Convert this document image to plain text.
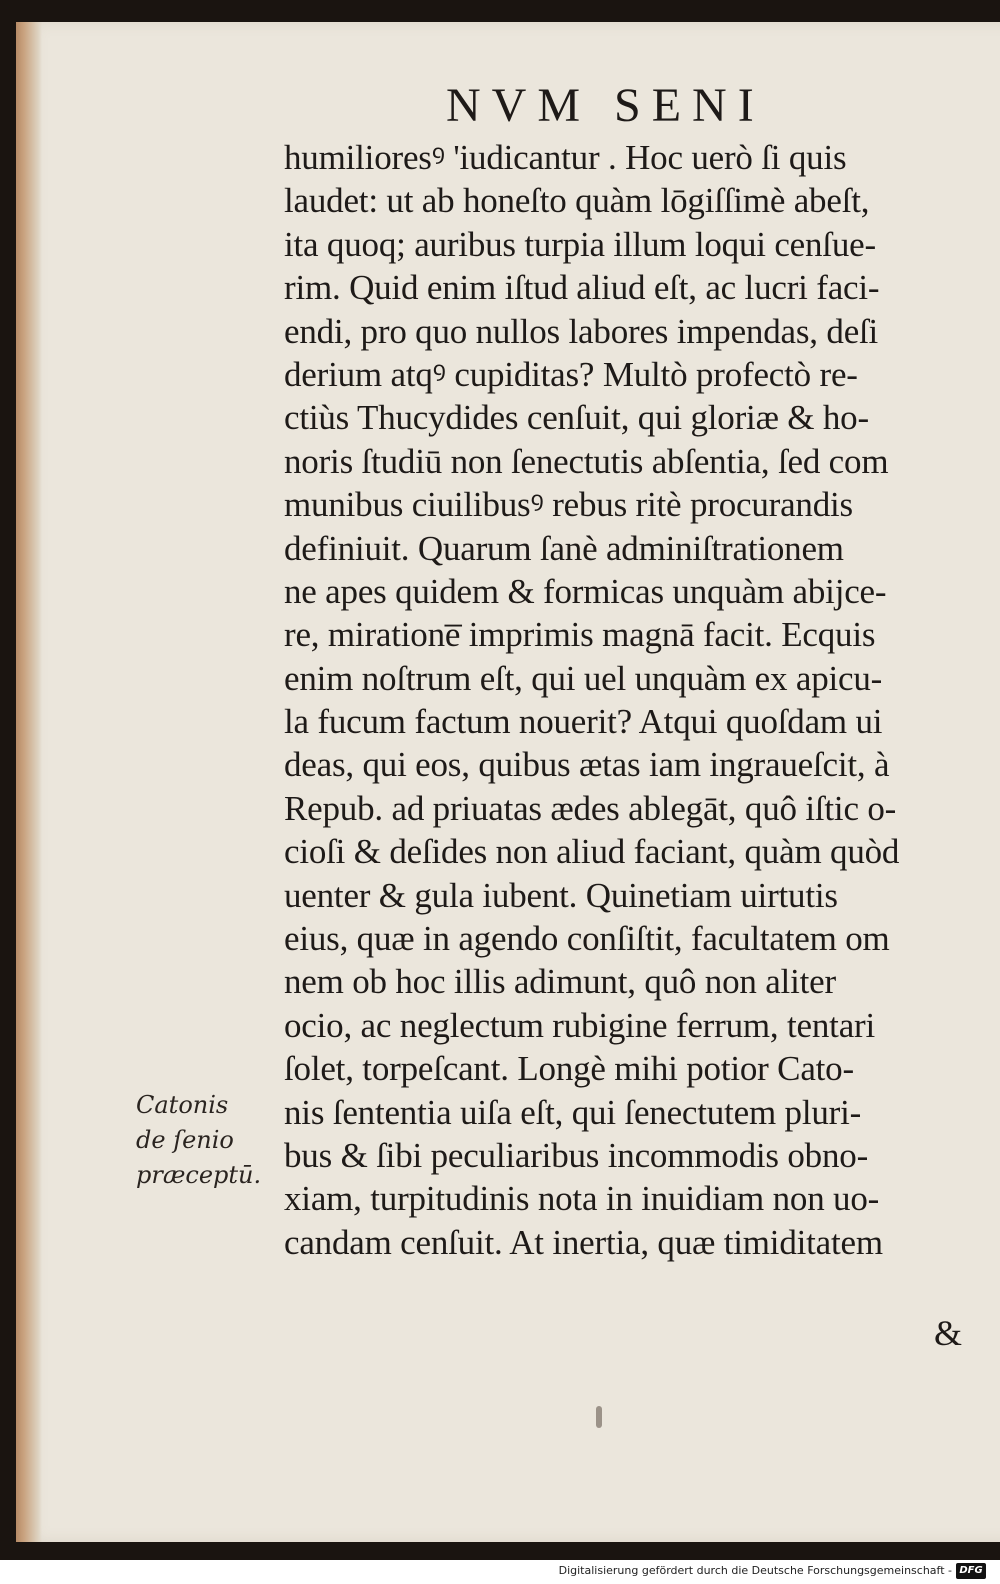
NVM SENI
humilioresꝰ 'iudicantur . Hoc uerò ſi quis
laudet: ut ab honeſto quàm lōgiſſimè abeſt,
ita quoq; auribus turpia illum loqui cenſue-
rim. Quid enim iſtud aliud eſt, ac lucri faci-
endi, pro quo nullos labores impendas, deſi
derium atqꝰ cupiditas? Multò profectò re-
ctiùs Thucydides cenſuit, qui gloriæ & ho-
noris ſtudiū non ſenectutis abſentia, ſed com
munibus ciuilibusꝰ rebus ritè procurandis
definiuit. Quarum ſanè adminiſtrationem
ne apes quidem & formicas unquàm abijce-
re, miratione̅ imprimis magnā facit. Ecquis
enim noſtrum eſt, qui uel unquàm ex apicu-
la fucum factum nouerit? Atqui quoſdam ui
deas, qui eos, quibus ætas iam ingraueſcit, à
Repub. ad priuatas ædes ablegāt, quô iſtic o-
cioſi & deſides non aliud faciant, quàm quòd
uenter & gula iubent. Quinetiam uirtutis
eius, quæ in agendo conſiſtit, facultatem om
nem ob hoc illis adimunt, quô non aliter
ocio, ac neglectum rubigine ferrum, tentari
ſolet, torpeſcant. Longè mihi potior Cato-
nis ſententia uiſa eſt, qui ſenectutem pluri-
bus & ſibi peculiaribus incommodis obno-
xiam, turpitudinis nota in inuidiam non uo-
candam cenſuit. At inertia, quæ timiditatem
Catonis
de ſenio
præceptū.
&
Digitalisierung gefördert durch die Deutsche Forschungsgemeinschaft - DFG
